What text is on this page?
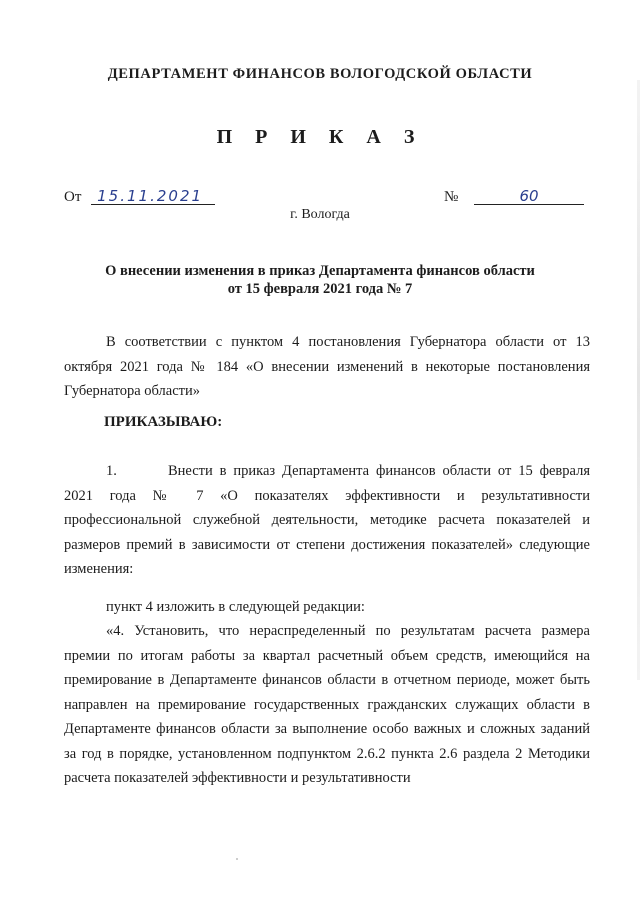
ДЕПАРТАМЕНТ ФИНАНСОВ ВОЛОГОДСКОЙ ОБЛАСТИ
П Р И К А З
От 15.11.2021	№	60
г. Вологда
О внесении изменения в приказ Департамента финансов области
от 15 февраля 2021 года № 7
В соответствии с пунктом 4 постановления Губернатора области от 13 октября 2021 года № 184 «О внесении изменений в некоторые постановления Губернатора области»
ПРИКАЗЫВАЮ:
1.	Внести в приказ Департамента финансов области от 15 февраля 2021 года № 7 «О показателях эффективности и результативности профессиональной служебной деятельности, методике расчета показателей и размеров премий в зависимости от степени достижения показателей» следующие изменения:
пункт 4 изложить в следующей редакции:
«4. Установить, что нераспределенный по результатам расчета размера премии по итогам работы за квартал расчетный объем средств, имеющийся на премирование в Департаменте финансов области в отчетном периоде, может быть направлен на премирование государственных гражданских служащих области в Департаменте финансов области за выполнение особо важных и сложных заданий за год в порядке, установленном подпунктом 2.6.2 пункта 2.6 раздела 2 Методики расчета показателей эффективности и результативности
